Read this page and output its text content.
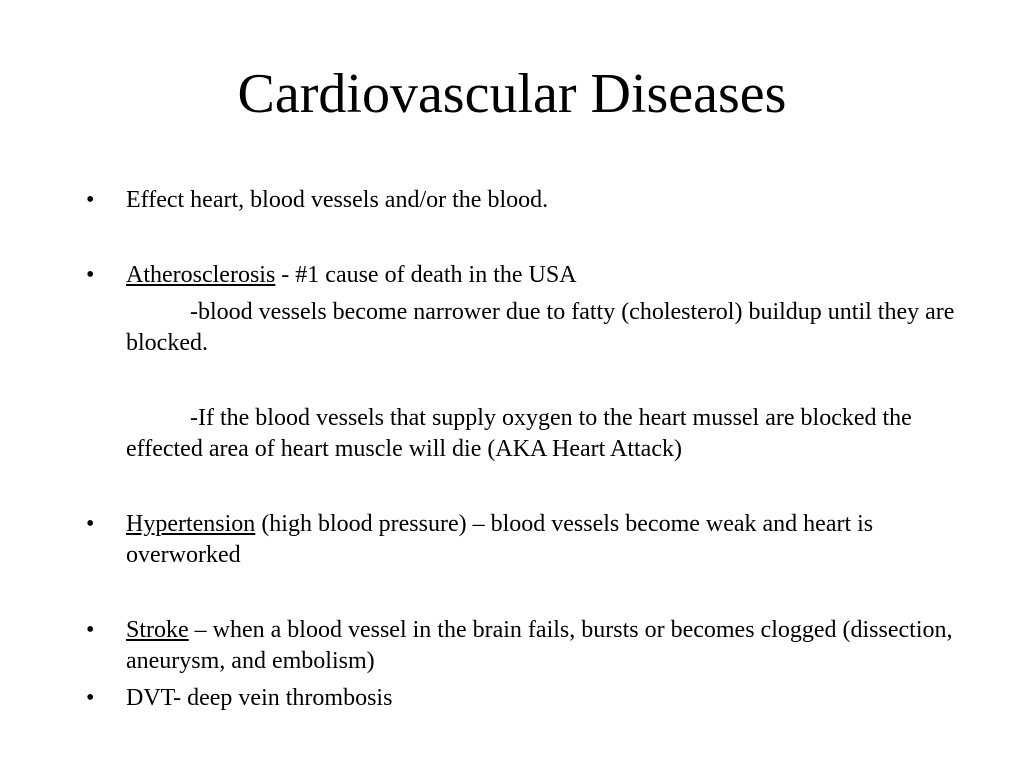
Cardiovascular Diseases
• Effect heart, blood vessels and/or the blood.
• Atherosclerosis - #1 cause of death in the USA
-blood vessels become narrower due to fatty (cholesterol) buildup until they are blocked.
-If the blood vessels that supply oxygen to the heart mussel are blocked the effected area of heart muscle will die (AKA Heart Attack)
• Hypertension (high blood pressure) – blood vessels become weak and heart is overworked
• Stroke – when a blood vessel in the brain fails, bursts or becomes clogged (dissection, aneurysm, and embolism)
• DVT- deep vein thrombosis
